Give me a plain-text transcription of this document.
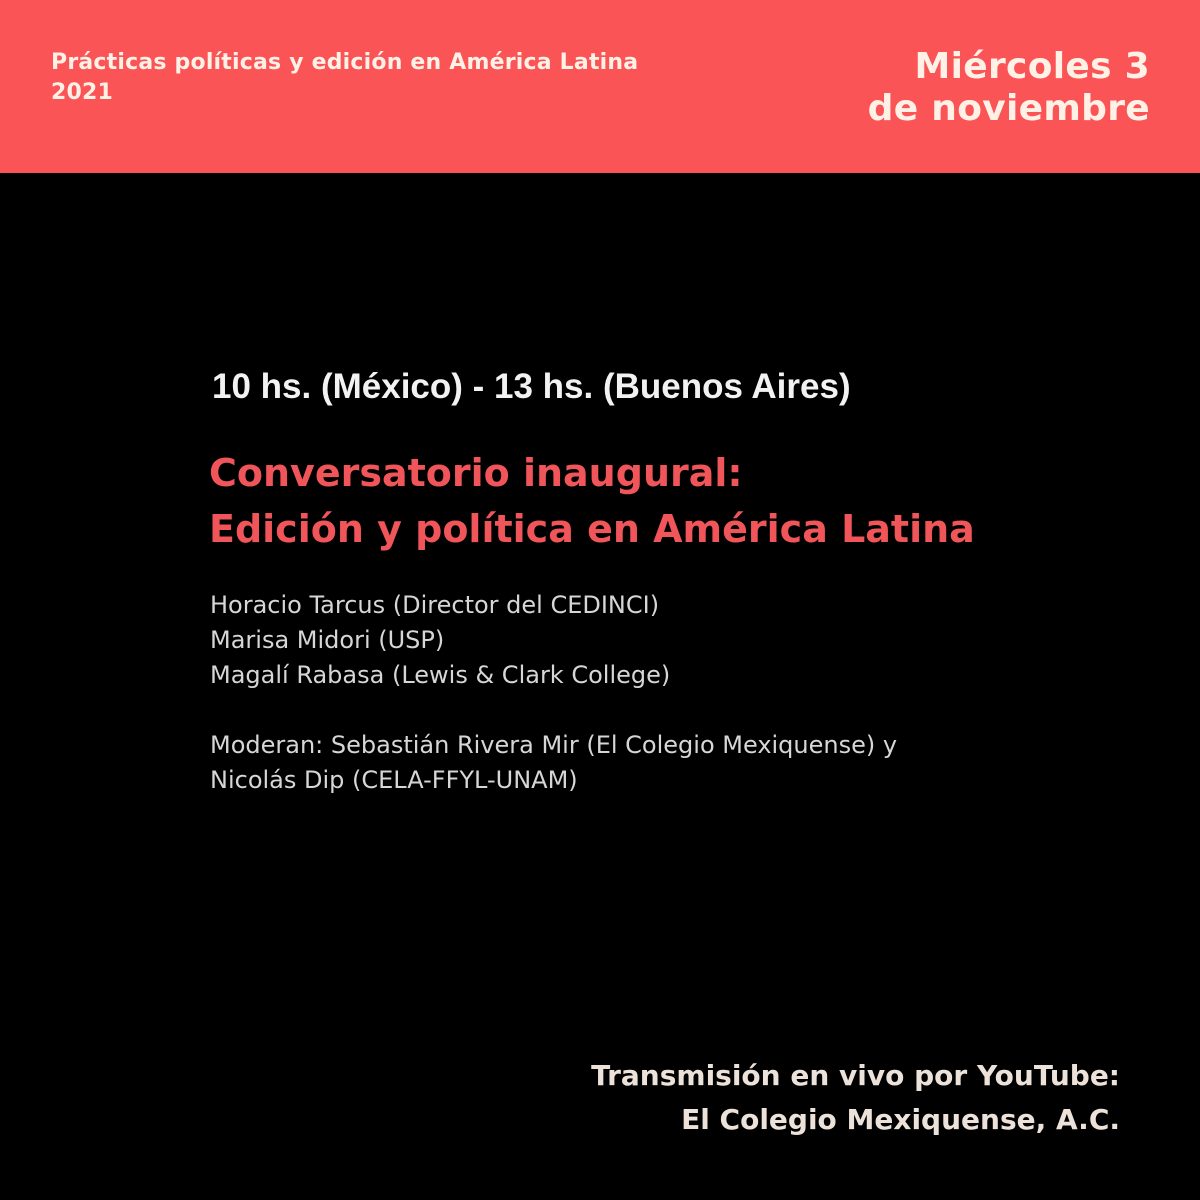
Prácticas políticas y edición en América Latina
2021
Miércoles 3
de noviembre
10 hs. (México) - 13 hs. (Buenos Aires)
Conversatorio inaugural:
Edición y política en América Latina
Horacio Tarcus (Director del CEDINCI)
Marisa Midori (USP)
Magalí Rabasa (Lewis & Clark College)
Moderan: Sebastián Rivera Mir (El Colegio Mexiquense) y
Nicolás Dip (CELA-FFYL-UNAM)
Transmisión en vivo por YouTube:
El Colegio Mexiquense, A.C.
